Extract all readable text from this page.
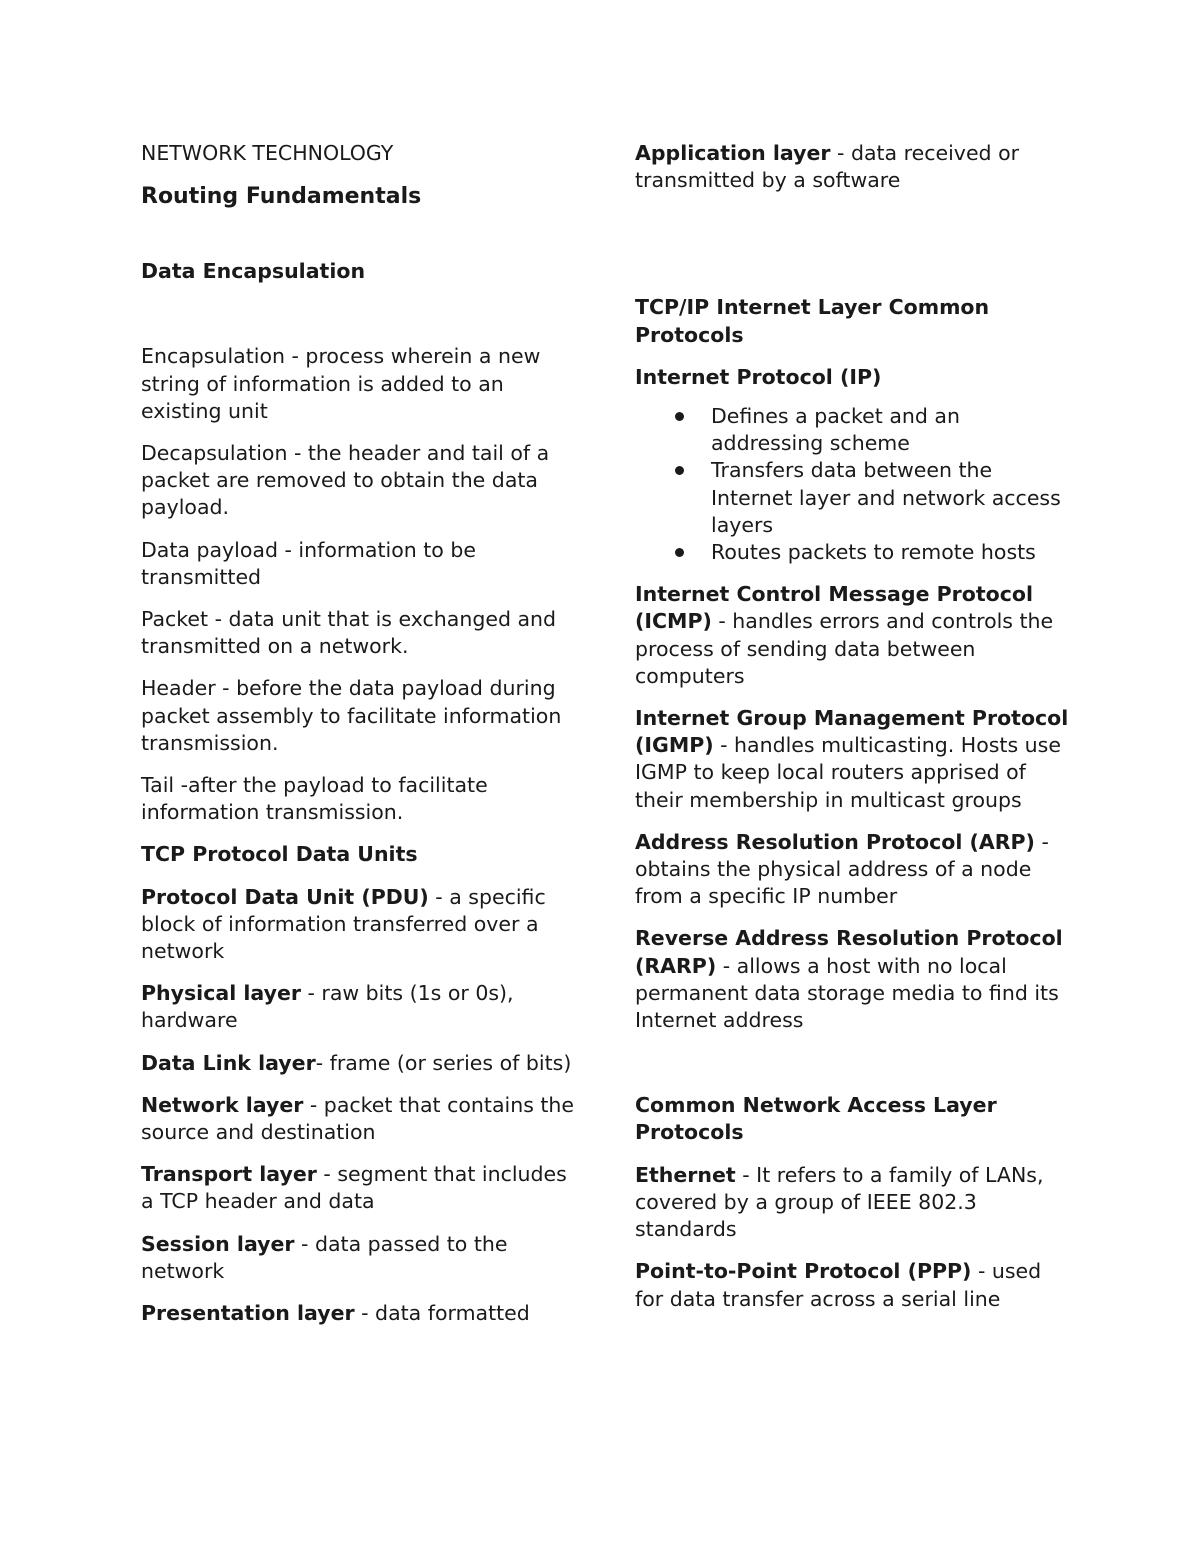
NETWORK TECHNOLOGY

Routing Fundamentals

Data Encapsulation

Encapsulation - process wherein a new string of information is added to an existing unit

Decapsulation - the header and tail of a packet are removed to obtain the data payload.

Data payload - information to be transmitted

Packet - data unit that is exchanged and transmitted on a network.

Header - before the data payload during packet assembly to facilitate information transmission.

Tail -after the payload to facilitate information transmission.

TCP Protocol Data Units

Protocol Data Unit (PDU) - a specific block of information transferred over a network

Physical layer - raw bits (1s or 0s), hardware

Data Link layer- frame (or series of bits)

Network layer - packet that contains the source and destination

Transport layer - segment that includes a TCP header and data

Session layer - data passed to the network

Presentation layer - data formatted

Application layer - data received or transmitted by a software

TCP/IP Internet Layer Common Protocols

Internet Protocol (IP)

Defines a packet and an addressing scheme
Transfers data between the Internet layer and network access layers
Routes packets to remote hosts

Internet Control Message Protocol (ICMP) - handles errors and controls the process of sending data between computers

Internet Group Management Protocol (IGMP) - handles multicasting. Hosts use IGMP to keep local routers apprised of their membership in multicast groups

Address Resolution Protocol (ARP) - obtains the physical address of a node from a specific IP number

Reverse Address Resolution Protocol (RARP) - allows a host with no local permanent data storage media to find its Internet address

Common Network Access Layer Protocols

Ethernet - It refers to a family of LANs, covered by a group of IEEE 802.3 standards

Point-to-Point Protocol (PPP) - used for data transfer across a serial line
